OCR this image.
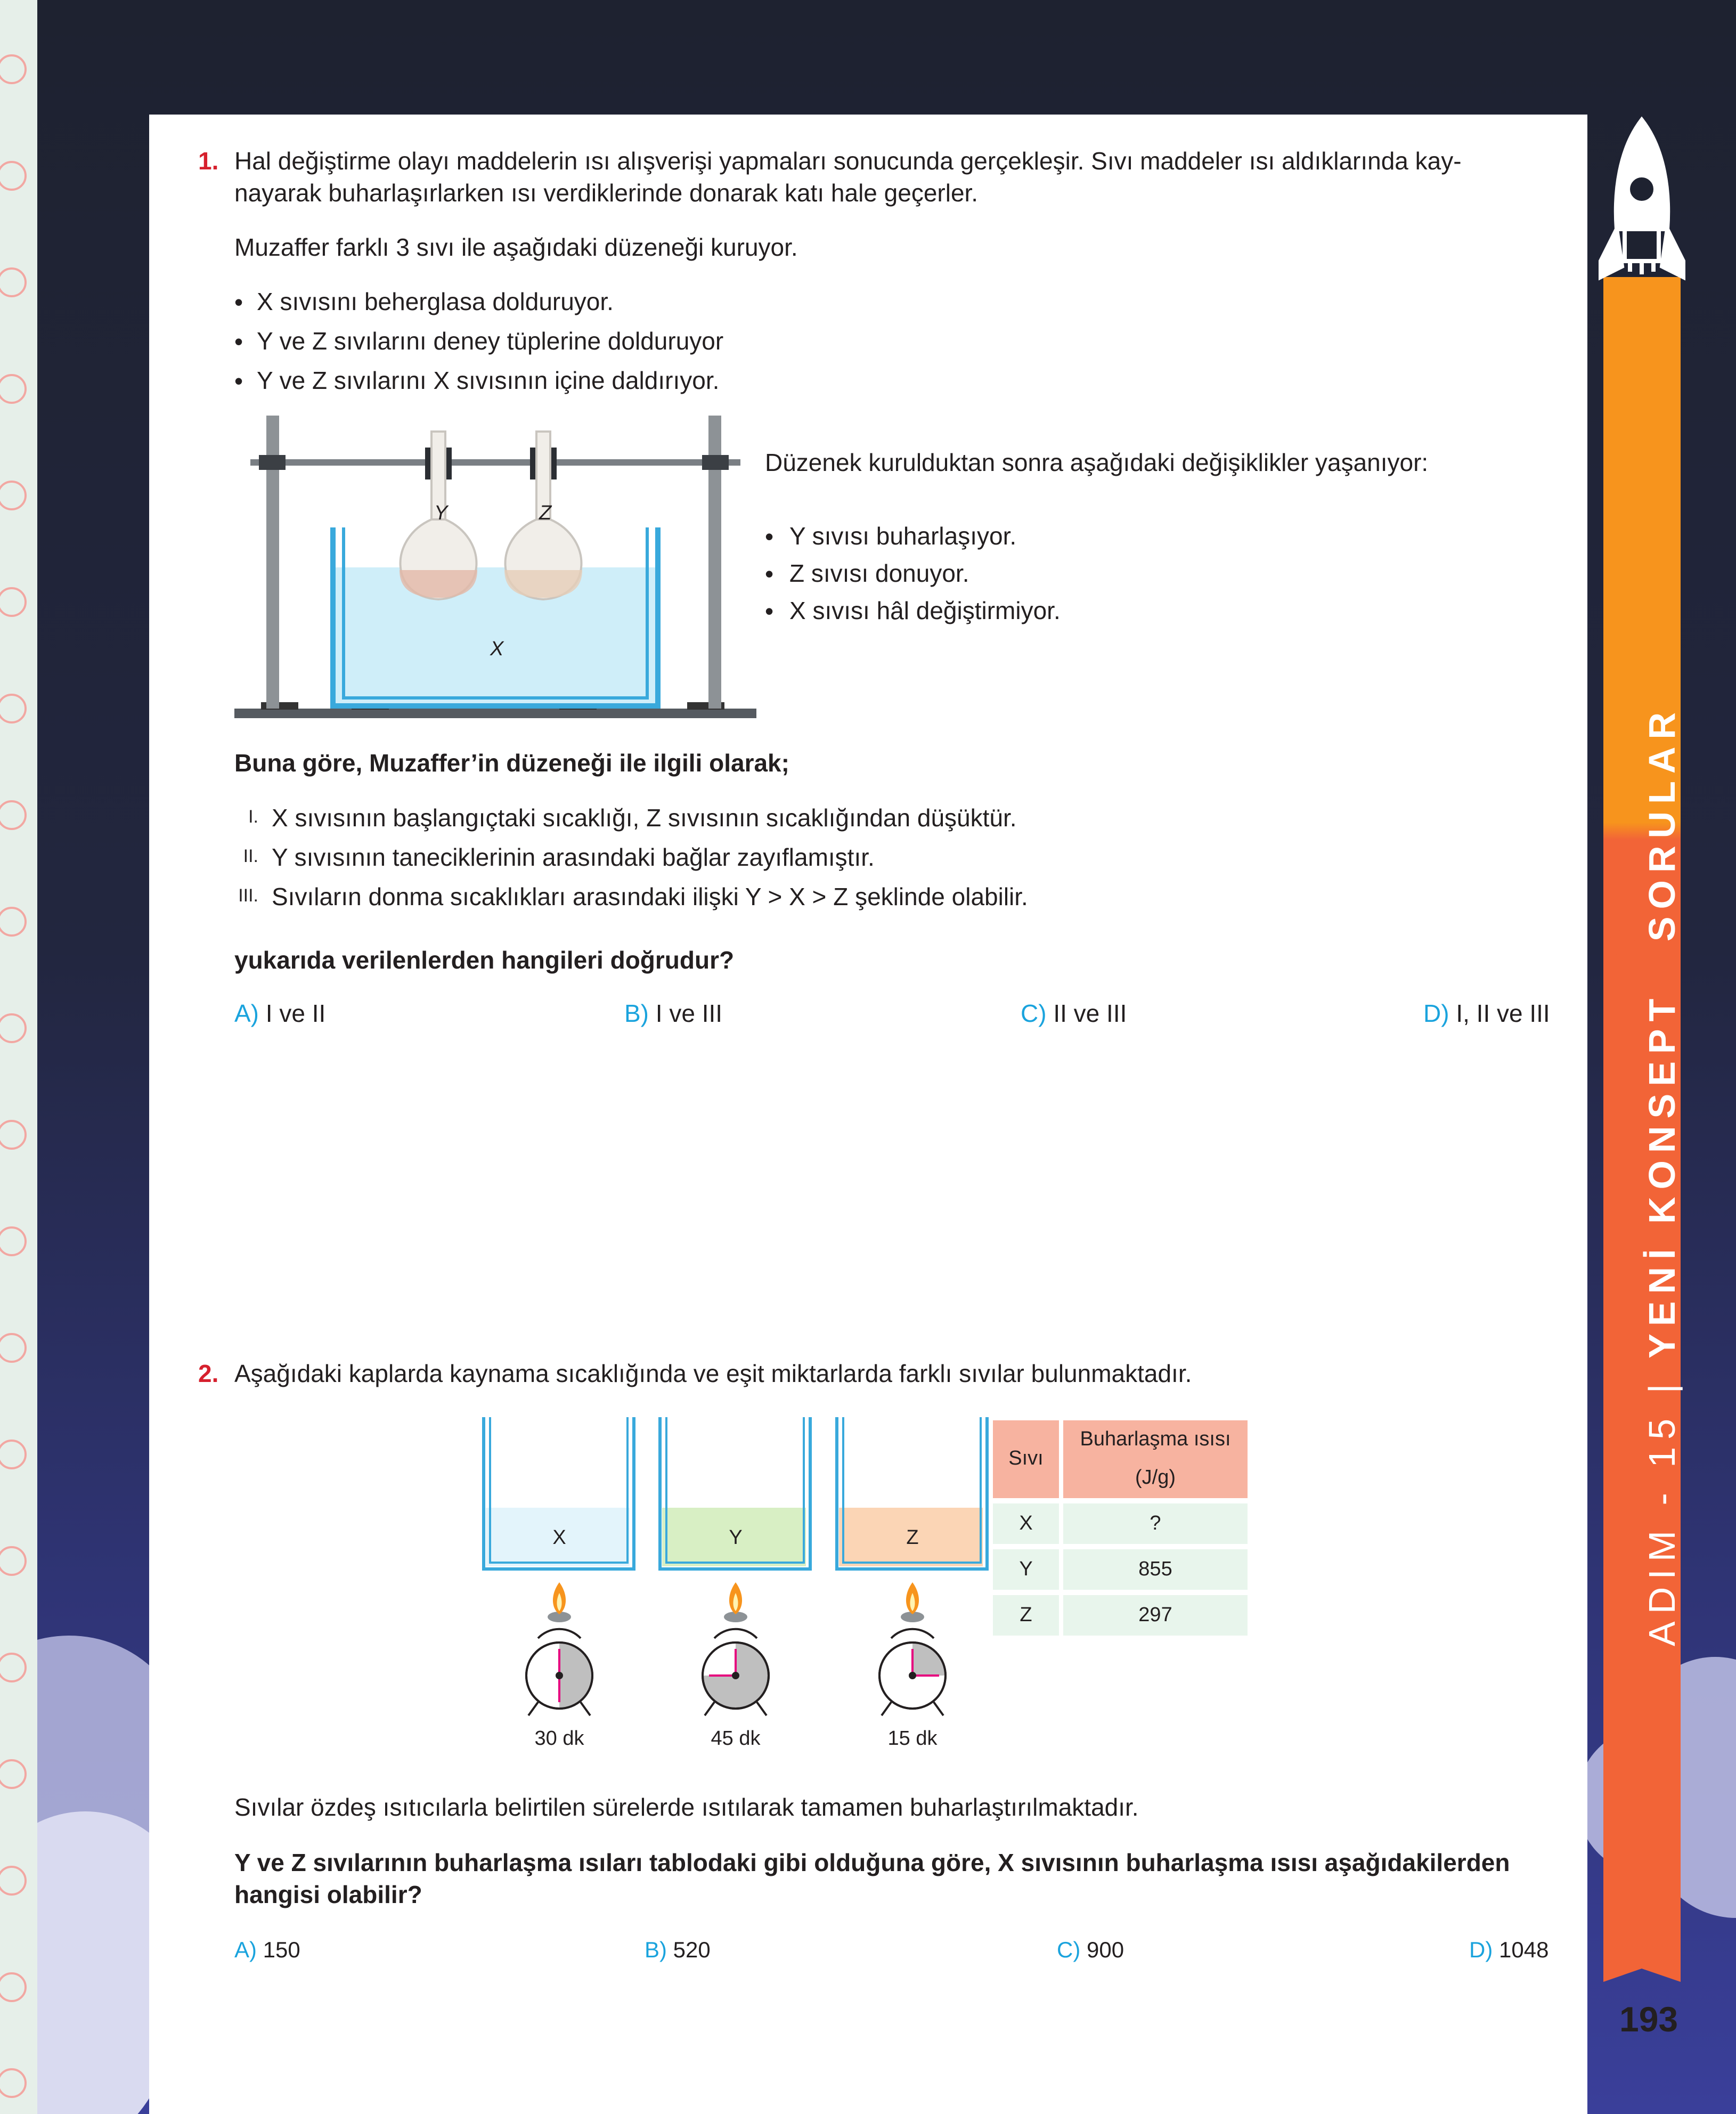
ADIM - 15 | YENİ KONSEPT SORULAR
193
1. Hal değiştirme olayı maddelerin ısı alışverişi yapmaları sonucunda gerçekleşir. Sıvı maddeler ısı aldıklarında kay-
nayarak buharlaşırlarken ısı verdiklerinde donarak katı hale geçerler.
Muzaffer farklı 3 sıvı ile aşağıdaki düzeneği kuruyor.
• X sıvısını beherglasa dolduruyor.
• Y ve Z sıvılarını deney tüplerine dolduruyor
• Y ve Z sıvılarını X sıvısının içine daldırıyor.
Y	Z
X
Düzenek kurulduktan sonra aşağıdaki değişiklikler yaşanıyor:
• Y sıvısı buharlaşıyor.
• Z sıvısı donuyor.
• X sıvısı hâl değiştirmiyor.
Buna göre, Muzaffer’in düzeneği ile ilgili olarak;
I. X sıvısının başlangıçtaki sıcaklığı, Z sıvısının sıcaklığından düşüktür.
II. Y sıvısının taneciklerinin arasındaki bağlar zayıflamıştır.
III. Sıvıların donma sıcaklıkları arasındaki ilişki Y > X > Z şeklinde olabilir.
yukarıda verilenlerden hangileri doğrudur?
A) I ve II	B) I ve III	C) II ve III	D) I, II ve III
2. Aşağıdaki kaplarda kaynama sıcaklığında ve eşit miktarlarda farklı sıvılar bulunmaktadır.
X	Y	Z
30 dk	45 dk	15 dk
Sıvı
Buharlaşma ısısı
(J/g)
X	?
Y	855
Z	297
Sıvılar özdeş ısıtıcılarla belirtilen sürelerde ısıtılarak tamamen buharlaştırılmaktadır.
Y ve Z sıvılarının buharlaşma ısıları tablodaki gibi olduğuna göre, X sıvısının buharlaşma ısısı aşağıdakilerden
hangisi olabilir?
A) 150	B) 520	C) 900	D) 1048
